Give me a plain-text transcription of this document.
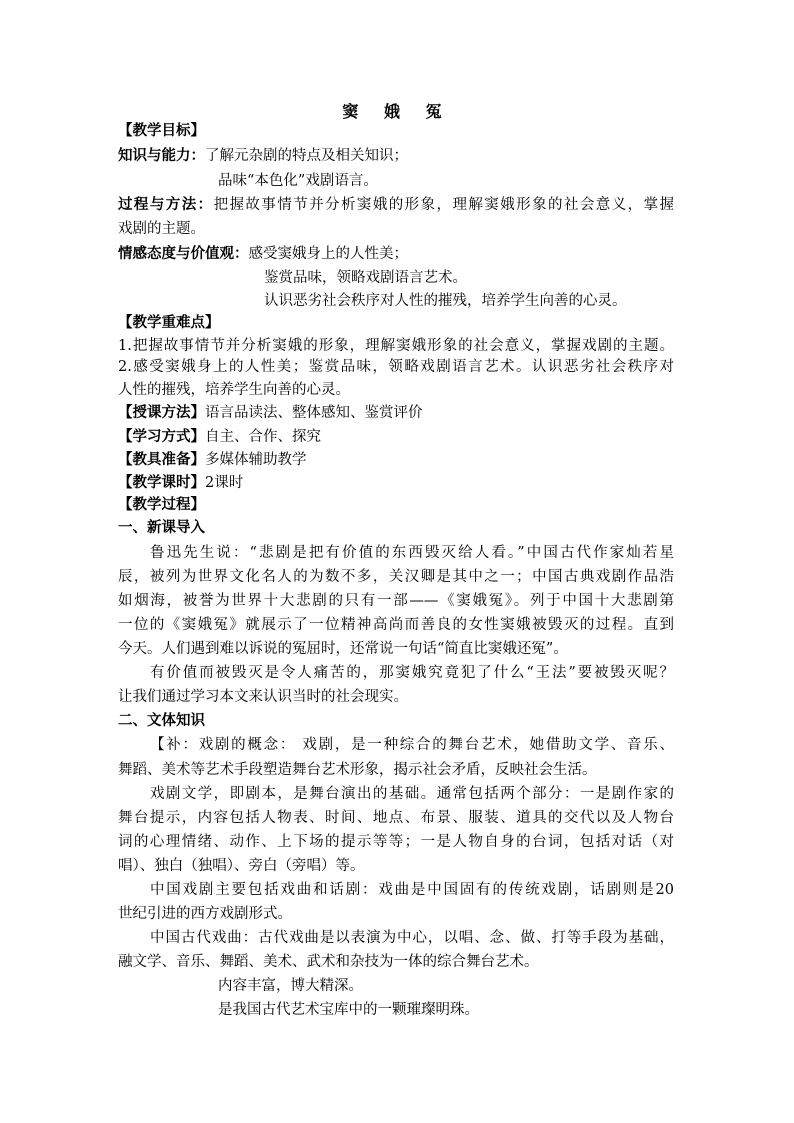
窦 娥 冤
【教学目标】
知识与能力：了解元杂剧的特点及相关知识；
品味“本色化”戏剧语言。
过程与方法：把握故事情节并分析窦娥的形象，理解窦娥形象的社会意义，掌握
戏剧的主题。
情感态度与价值观：感受窦娥身上的人性美；
鉴赏品味，领略戏剧语言艺术。
认识恶劣社会秩序对人性的摧残，培养学生向善的心灵。
【教学重难点】
1.把握故事情节并分析窦娥的形象，理解窦娥形象的社会意义，掌握戏剧的主题。
2.感受窦娥身上的人性美；鉴赏品味，领略戏剧语言艺术。认识恶劣社会秩序对
人性的摧残，培养学生向善的心灵。
【授课方法】语言品读法、整体感知、鉴赏评价
【学习方式】自主、合作、探究
【教具准备】多媒体辅助教学
【教学课时】2课时
【教学过程】
一、新课导入
鲁迅先生说：“悲剧是把有价值的东西毁灭给人看。”中国古代作家灿若星
辰，被列为世界文化名人的为数不多，关汉卿是其中之一；中国古典戏剧作品浩
如烟海，被誉为世界十大悲剧的只有一部——《窦娥冤》。列于中国十大悲剧第
一位的《窦娥冤》就展示了一位精神高尚而善良的女性窦娥被毁灭的过程。直到
今天。人们遇到难以诉说的冤屈时，还常说一句话“简直比窦娥还冤”。
有价值而被毁灭是令人痛苦的，那窦娥究竟犯了什么“王法”要被毁灭呢？
让我们通过学习本文来认识当时的社会现实。
二、文体知识
【补：戏剧的概念： 戏剧，是一种综合的舞台艺术，她借助文学、音乐、
舞蹈、美术等艺术手段塑造舞台艺术形象，揭示社会矛盾，反映社会生活。
戏剧文学，即剧本，是舞台演出的基础。通常包括两个部分：一是剧作家的
舞台提示，内容包括人物表、时间、地点、布景、服装、道具的交代以及人物台
词的心理情绪、动作、上下场的提示等等；一是人物自身的台词，包括对话（对
唱）、独白（独唱）、旁白（旁唱）等。
中国戏剧主要包括戏曲和话剧：戏曲是中国固有的传统戏剧，话剧则是20
世纪引进的西方戏剧形式。
中国古代戏曲：古代戏曲是以表演为中心，以唱、念、做、打等手段为基础，
融文学、音乐、舞蹈、美术、武术和杂技为一体的综合舞台艺术。
内容丰富，博大精深。
是我国古代艺术宝库中的一颗璀璨明珠。
